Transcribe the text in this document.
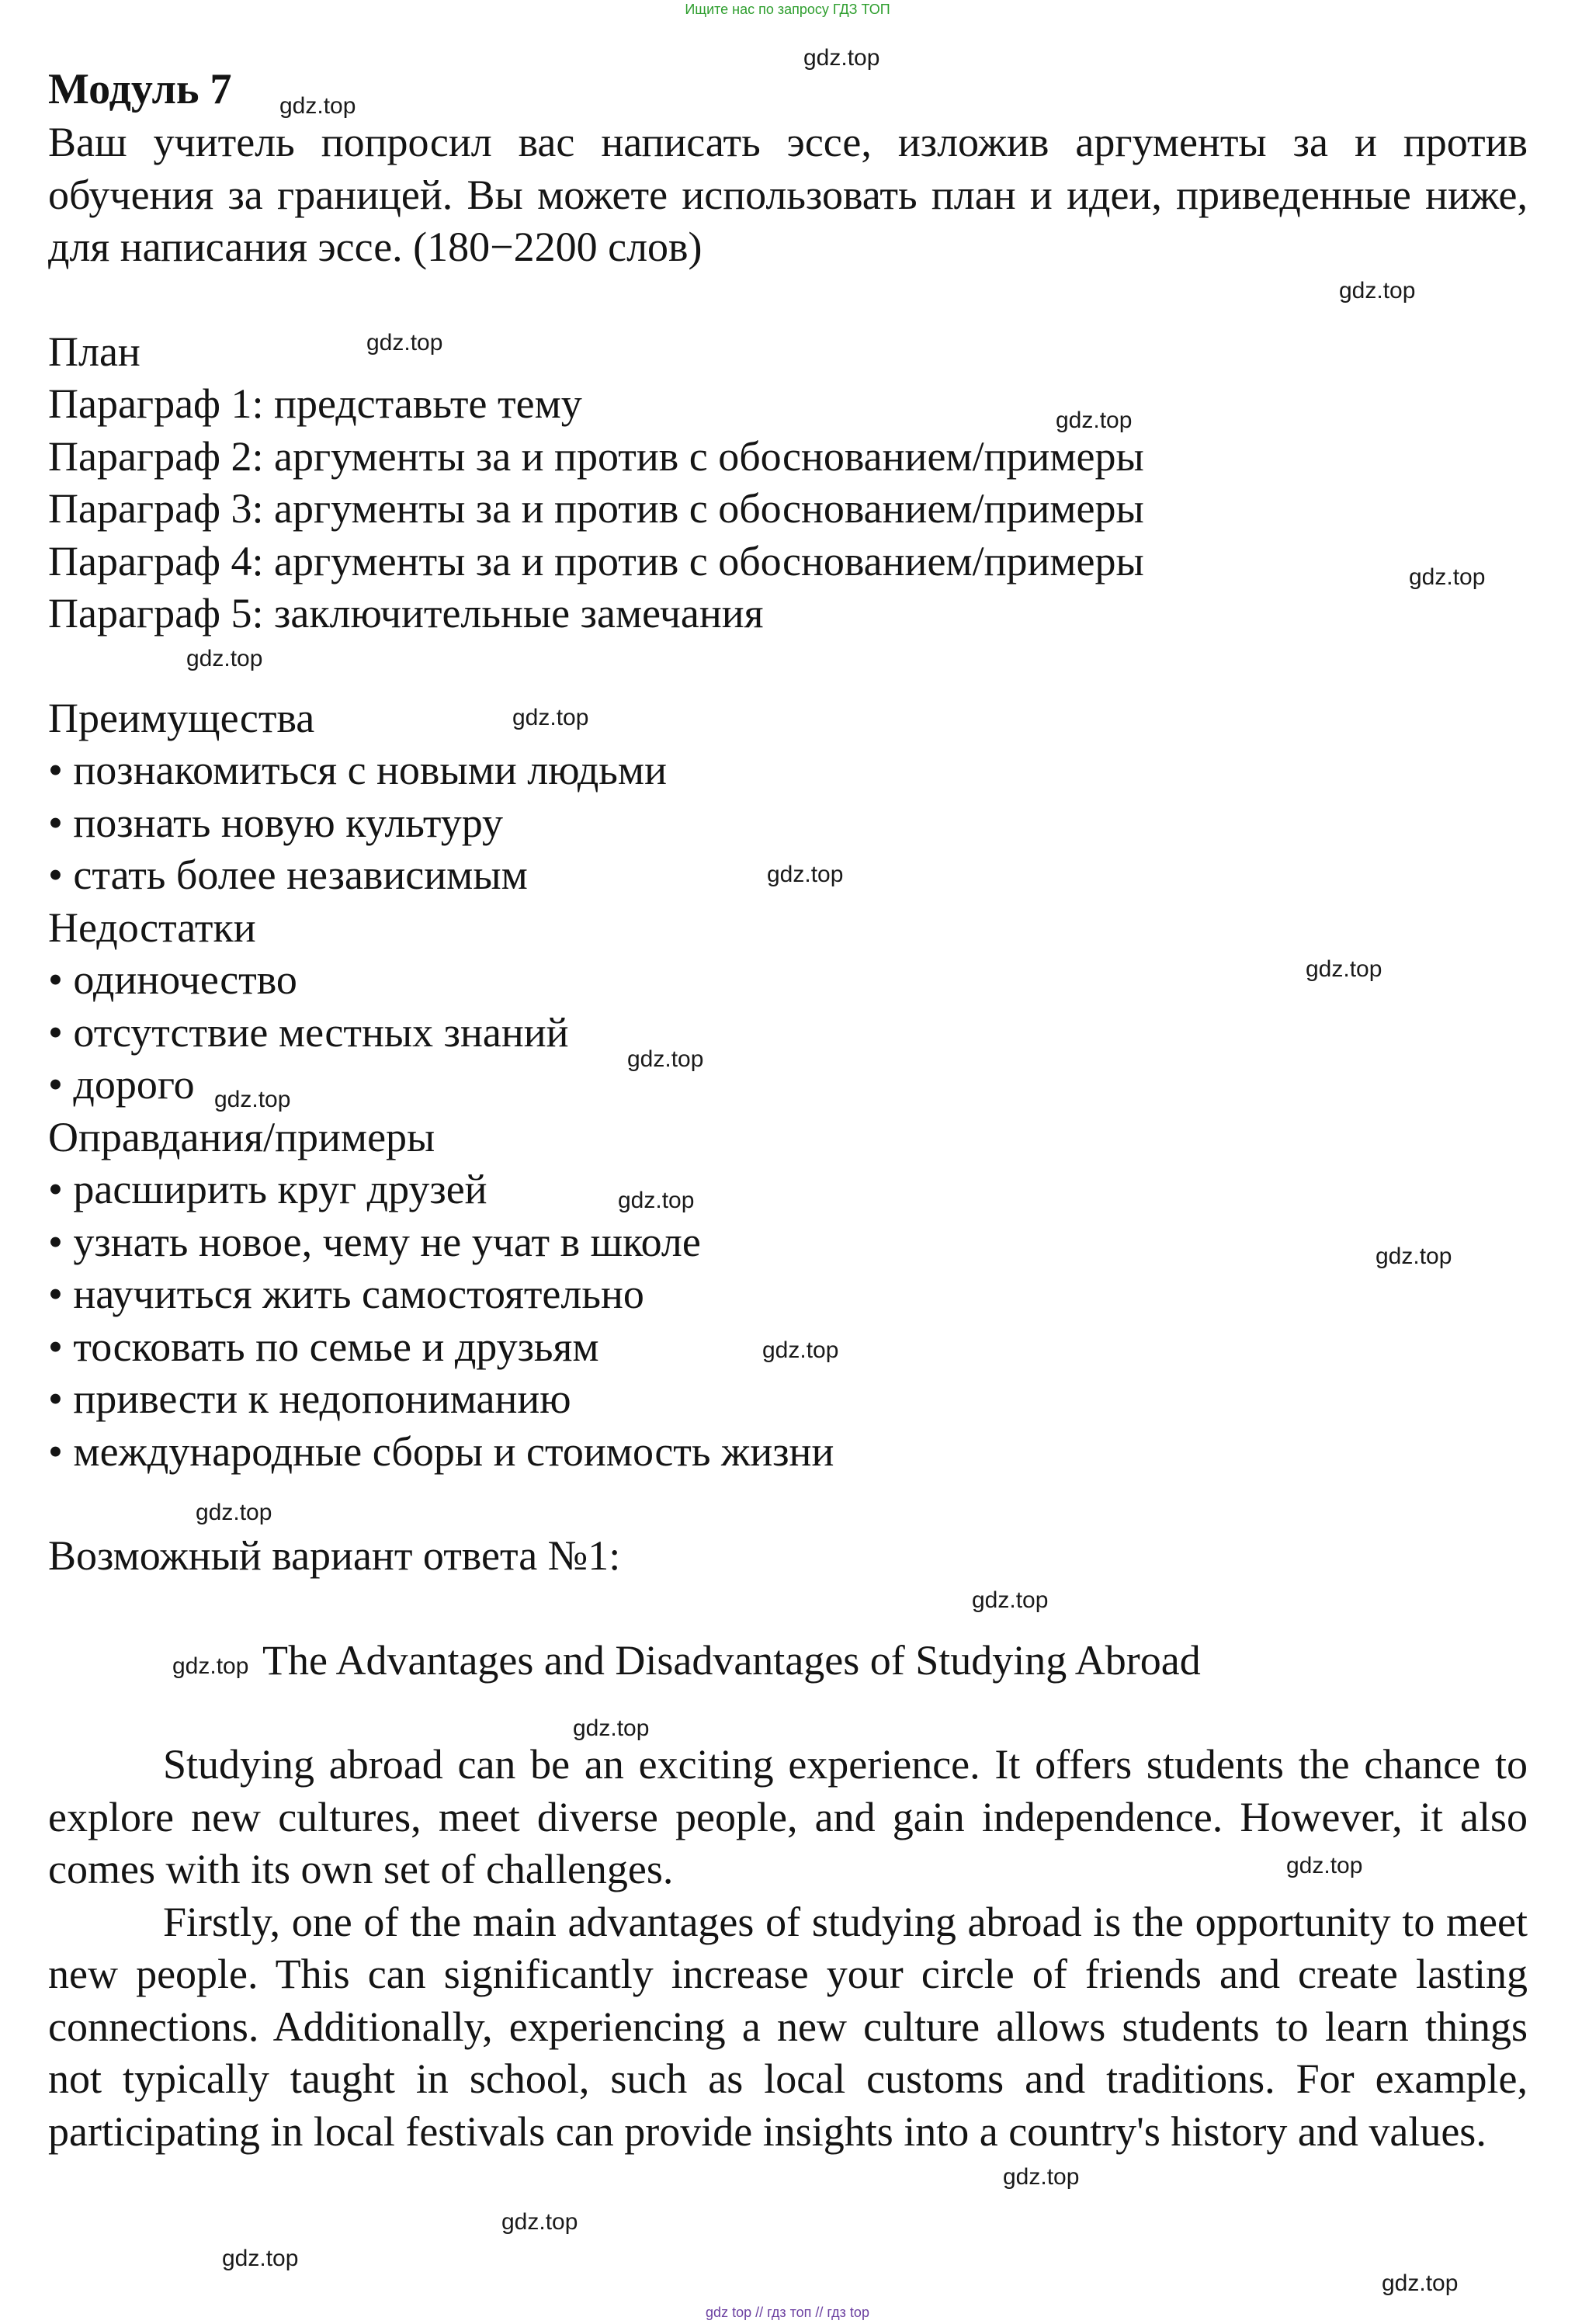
Ищите нас по запросу ГДЗ ТОП
Модуль 7

Ваш учитель попросил вас написать эссе, изложив аргументы за и против обучения за границей. Вы можете использовать план и идеи, приведенные ниже, для написания эссе. (180−2200 слов)

План
Параграф 1: представьте тему
Параграф 2: аргументы за и против с обоснованием/примеры
Параграф 3: аргументы за и против с обоснованием/примеры
Параграф 4: аргументы за и против с обоснованием/примеры
Параграф 5: заключительные замечания
Преимущества
• познакомиться с новыми людьми
• познать новую культуру
• стать более независимым
Недостатки
• одиночество
• отсутствие местных знаний
• дорого
Оправдания/примеры
• расширить круг друзей
• узнать новое, чему не учат в школе
• научиться жить самостоятельно
• тосковать по семье и друзьям
• привести к недопониманию
• международные сборы и стоимость жизни
Возможный вариант ответа №1:
The Advantages and Disadvantages of Studying Abroad

Studying abroad can be an exciting experience. It offers students the chance to explore new cultures, meet diverse people, and gain independence. However, it also comes with its own set of challenges.

Firstly, one of the main advantages of studying abroad is the opportunity to meet new people. This can significantly increase your circle of friends and create lasting connections. Additionally, experiencing a new culture allows students to learn things not typically taught in school, such as local customs and traditions. For example, participating in local festivals can provide insights into a country's history and values.

gdz.top
gdz.top
gdz.top
gdz.top
gdz.top
gdz.top
gdz.top
gdz.top
gdz.top
gdz.top
gdz.top
gdz.top
gdz.top
gdz.top
gdz.top
gdz.top
gdz.top
gdz.top
gdz.top
gdz.top
gdz.top
gdz.top
gdz.top
gdz.top
gdz top // гдз топ // гдз top
